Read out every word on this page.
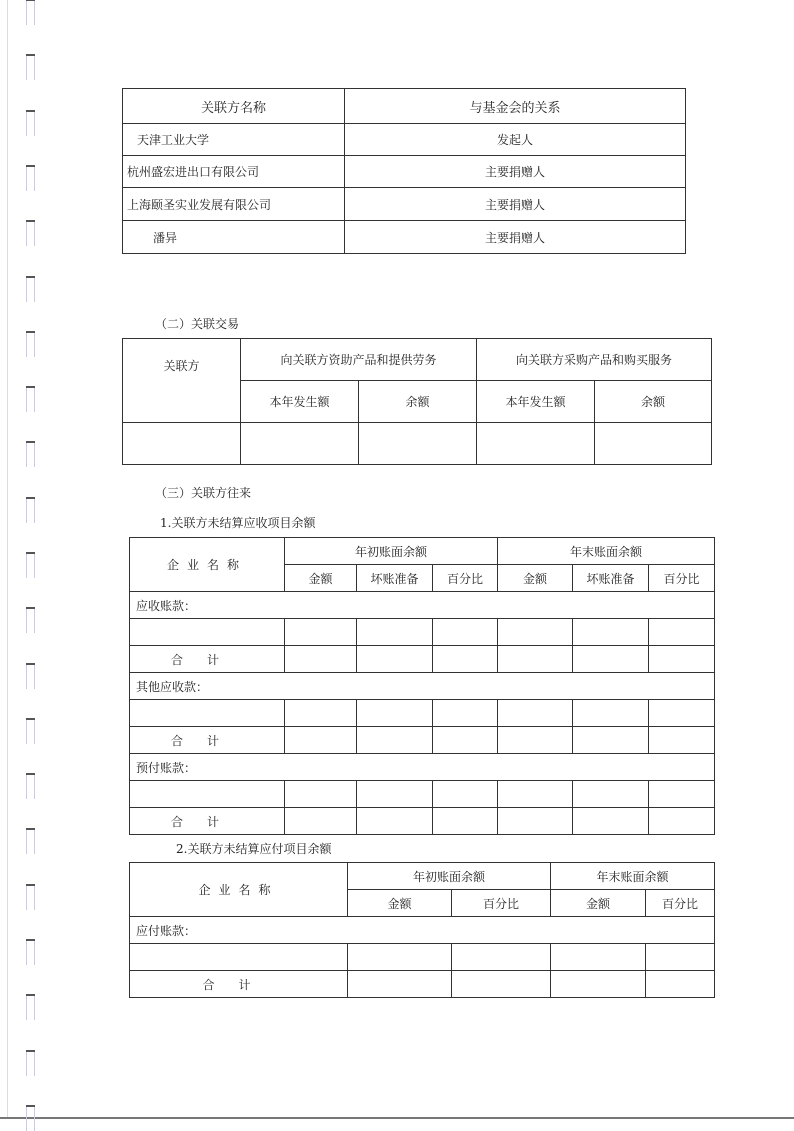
关联方名称	与基金会的关系
天津工业大学	发起人
杭州盛宏进出口有限公司	主要捐赠人
上海颐圣实业发展有限公司	主要捐赠人
潘异	主要捐赠人
（二）关联交易
关联方	向关联方资助产品和提供劳务		向关联方采购产品和购买服务	
	本年发生额	余额	本年发生额	余额

（三）关联方往来
1.关联方未结算应收项目余额
企业名称	年初账面余额			年末账面余额		
	金额	坏账准备	百分比	金额	坏账准备	百分比
应收账款：						

合计						
其他应收款：						

合计						
预付账款：						

合计						
2.关联方未结算应付项目余额
企业名称	年初账面余额		年末账面余额	
	金额	百分比	金额	百分比
应付账款：				

合计				
